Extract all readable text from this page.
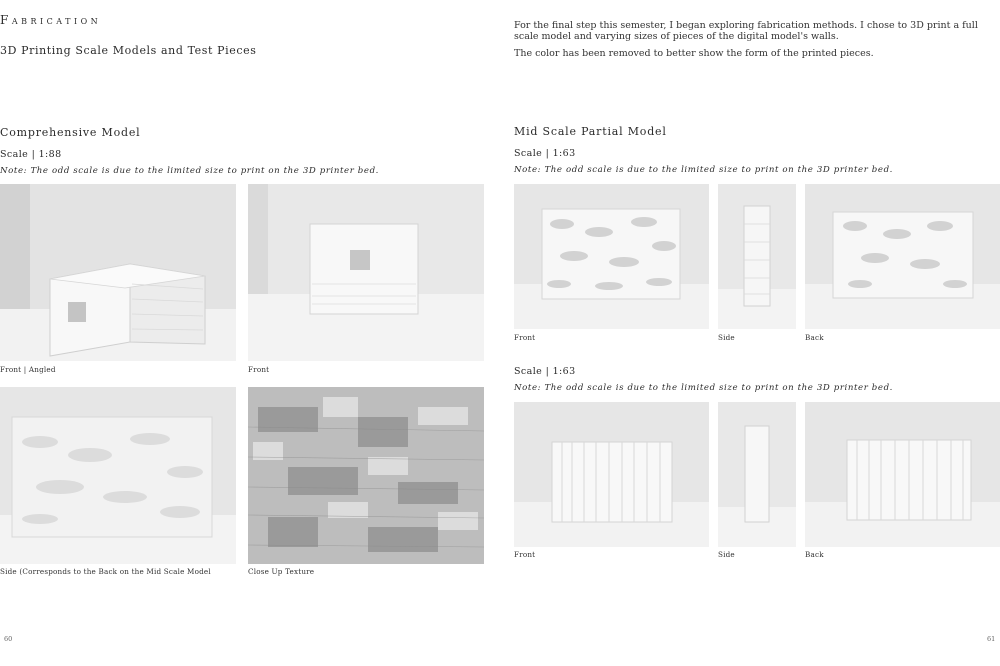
Fabrication
3D Printing Scale Models and Test Pieces

For the final step this semester, I began exploring fabrication methods. I chose to 3D print a full scale model and varying sizes of pieces of the digital model's walls.

The color has been removed to better show the form of the printed pieces.

Comprehensive Model
Scale | 1:88
Note: The odd scale is due to the limited size to print on the 3D printer bed.
Front | Angled	Front
Side (Corresponds to the Back on the Mid Scale Model	Close Up Texture
60
Mid Scale Partial Model
Scale | 1:63
Note: The odd scale is due to the limited size to print on the 3D printer bed.
Front	Side	Back
Scale | 1:63
Note: The odd scale is due to the limited size to print on the 3D printer bed.
Front	Side	Back
61
